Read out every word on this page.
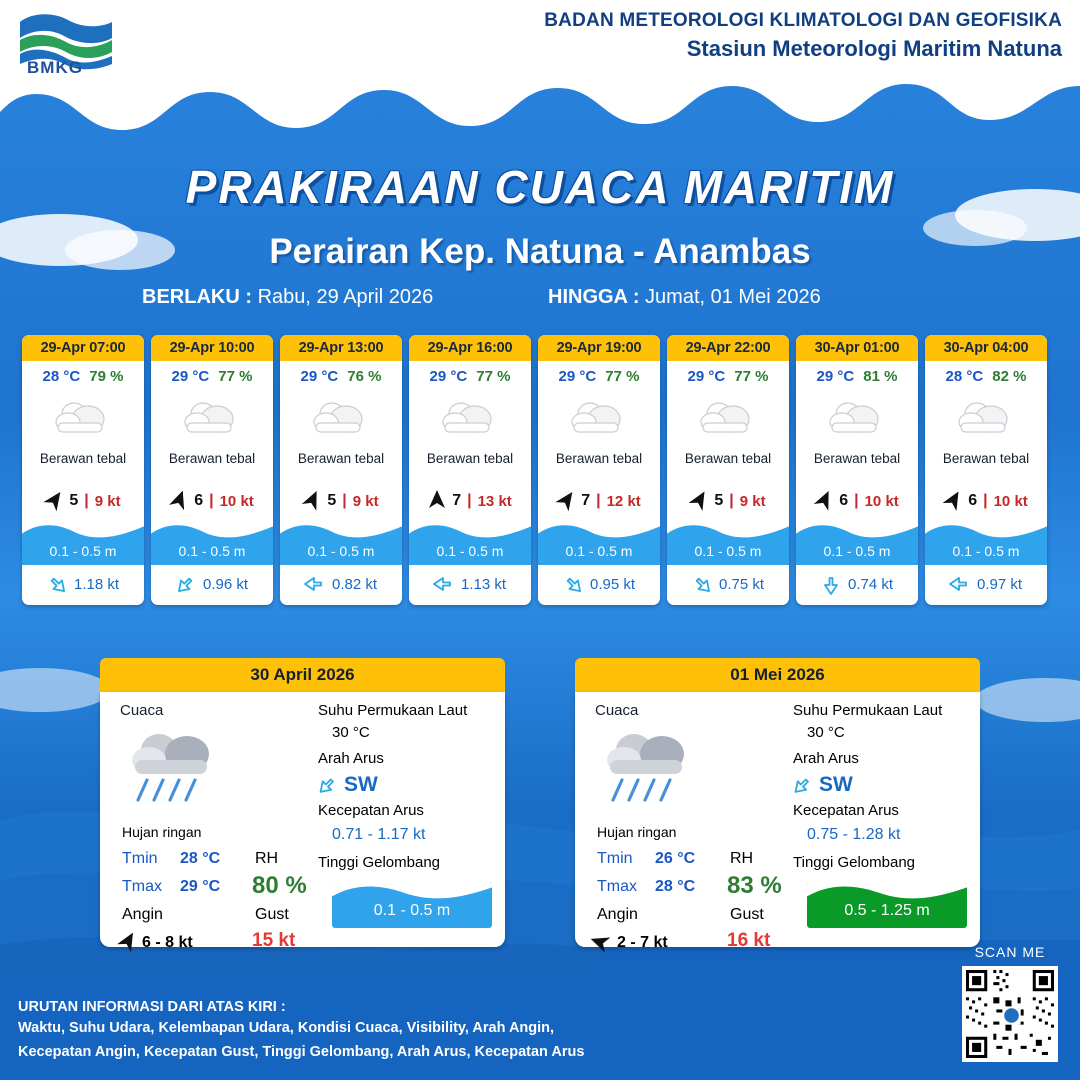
BMKG
BADAN METEOROLOGI KLIMATOLOGI DAN GEOFISIKA
Stasiun Meteorologi Maritim Natuna
PRAKIRAAN CUACA MARITIM
Perairan Kep. Natuna - Anambas
BERLAKU : Rabu, 29 April 2026	HINGGA : Jumat, 01 Mei 2026
29-Apr 07:00
28 °C 79 %
Berawan tebal
5 | 9 kt
0.1 - 0.5 m
1.18 kt
29-Apr 10:00
29 °C 77 %
Berawan tebal
6 | 10 kt
0.1 - 0.5 m
0.96 kt
29-Apr 13:00
29 °C 76 %
Berawan tebal
5 | 9 kt
0.1 - 0.5 m
0.82 kt
29-Apr 16:00
29 °C 77 %
Berawan tebal
7 | 13 kt
0.1 - 0.5 m
1.13 kt
29-Apr 19:00
29 °C 77 %
Berawan tebal
7 | 12 kt
0.1 - 0.5 m
0.95 kt
29-Apr 22:00
29 °C 77 %
Berawan tebal
5 | 9 kt
0.1 - 0.5 m
0.75 kt
30-Apr 01:00
29 °C 81 %
Berawan tebal
6 | 10 kt
0.1 - 0.5 m
0.74 kt
30-Apr 04:00
28 °C 82 %
Berawan tebal
6 | 10 kt
0.1 - 0.5 m
0.97 kt
30 April 2026
Cuaca
Hujan ringan
Tmin 28 °C
Tmax 29 °C
Angin
6 - 8 kt
RH
80 %
Gust
15 kt
Suhu Permukaan Laut
30 °C
Arah Arus
SW
Kecepatan Arus
0.71 - 1.17 kt
Tinggi Gelombang
0.1 - 0.5 m
01 Mei 2026
Cuaca
Hujan ringan
Tmin 26 °C
Tmax 28 °C
Angin
2 - 7 kt
RH
83 %
Gust
16 kt
Suhu Permukaan Laut
30 °C
Arah Arus
SW
Kecepatan Arus
0.75 - 1.28 kt
Tinggi Gelombang
0.5 - 1.25 m
URUTAN INFORMASI DARI ATAS KIRI :
Waktu, Suhu Udara, Kelembapan Udara, Kondisi Cuaca, Visibility, Arah Angin,
Kecepatan Angin, Kecepatan Gust, Tinggi Gelombang, Arah Arus, Kecepatan Arus
SCAN ME
